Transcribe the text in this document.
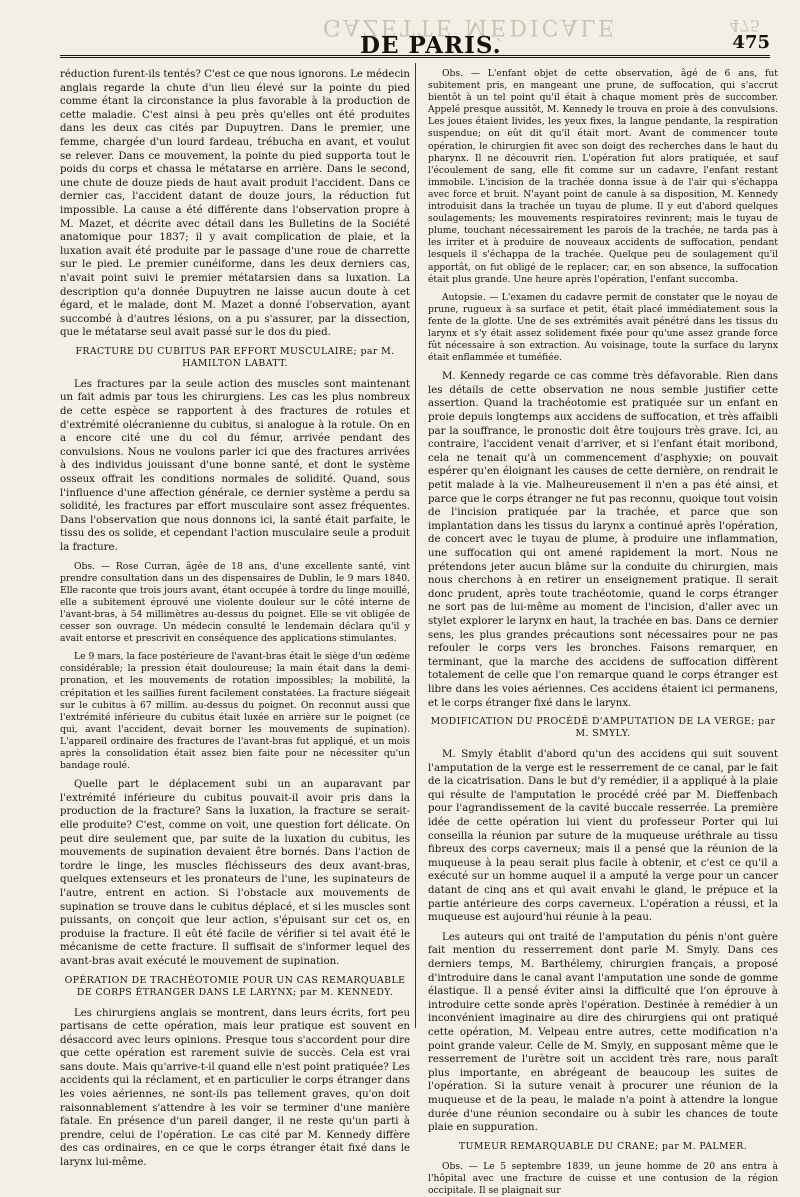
GAZETTE MÉDICALE	475
DE PARIS.	475

réduction furent-ils tentés? C'est ce que nous ignorons. Le médecin anglais regarde la chute d'un lieu élevé sur la pointe du pied comme étant la circonstance la plus favorable à la production de cette maladie. C'est ainsi à peu près qu'elles ont été produites dans les deux cas cités par Dupuytren. Dans le premier, une femme, chargée d'un lourd fardeau, trébucha en avant, et voulut se relever. Dans ce mouvement, la pointe du pied supporta tout le poids du corps et chassa le métatarse en arrière. Dans le second, une chute de douze pieds de haut avait produit l'accident. Dans ce dernier cas, l'accident datant de douze jours, la réduction fut impossible. La cause a été différente dans l'observation propre à M. Mazet, et décrite avec détail dans les Bulletins de la Société anatomique pour 1837; il y avait complication de plaie, et la luxation avait été produite par le passage d'une roue de charrette sur le pied. Le premier cunéiforme, dans les deux derniers cas, n'avait point suivi le premier métatarsien dans sa luxation. La description qu'a donnée Dupuytren ne laisse aucun doute à cet égard, et le malade, dont M. Mazet a donné l'observation, ayant succombé à d'autres lésions, on a pu s'assurer, par la dissection, que le métatarse seul avait passé sur le dos du pied.

FRACTURE DU CUBITUS PAR EFFORT MUSCULAIRE; par M. HAMILTON LABATT.

Les fractures par la seule action des muscles sont maintenant un fait admis par tous les chirurgiens. Les cas les plus nombreux de cette espèce se rapportent à des fractures de rotules et d'extrémité olécranienne du cubitus, si analogue à la rotule. On en a encore cité une du col du fémur, arrivée pendant des convulsions. Nous ne voulons parler ici que des fractures arrivées à des individus jouissant d'une bonne santé, et dont le système osseux offrait les conditions normales de solidité. Quand, sous l'influence d'une affection générale, ce dernier système a perdu sa solidité, les fractures par effort musculaire sont assez fréquentes. Dans l'observation que nous donnons ici, la santé était parfaite, le tissu des os solide, et cependant l'action musculaire seule a produit la fracture.

Obs. — Rose Curran, âgée de 18 ans, d'une excellente santé, vint prendre consultation dans un des dispensaires de Dublin, le 9 mars 1840. Elle raconte que trois jours avant, étant occupée à tordre du linge mouillé, elle a subitement éprouvé une violente douleur sur le côté interne de l'avant-bras, à 54 millimètres au-dessus du poignet. Elle se vit obligée de cesser son ouvrage. Un médecin consulté le lendemain déclara qu'il y avait entorse et prescrivit en conséquence des applications stimulantes.

Le 9 mars, la face postérieure de l'avant-bras était le siège d'un œdème considérable; la pression était douloureuse; la main était dans la demi-pronation, et les mouvements de rotation impossibles; la mobilité, la crépitation et les saillies furent facilement constatées. La fracture siégeait sur le cubitus à 67 millim. au-dessus du poignet. On reconnut aussi que l'extrémité inférieure du cubitus était luxée en arrière sur le poignet (ce qui, avant l'accident, devait borner les mouvements de supination). L'appareil ordinaire des fractures de l'avant-bras fut appliqué, et un mois après la consolidation était assez bien faite pour ne nécessiter qu'un bandage roulé.

Quelle part le déplacement subi un an auparavant par l'extrémité inférieure du cubitus pouvait-il avoir pris dans la production de la fracture? Sans la luxation, la fracture se serait-elle produite? C'est, comme on voit, une question fort délicate. On peut dire seulement que, par suite de la luxation du cubitus, les mouvements de supination devaient être bornés. Dans l'action de tordre le linge, les muscles fléchisseurs des deux avant-bras, quelques extenseurs et les pronateurs de l'une, les supinateurs de l'autre, entrent en action. Si l'obstacle aux mouvements de supination se trouve dans le cubitus déplacé, et si les muscles sont puissants, on conçoit que leur action, s'épuisant sur cet os, en produise la fracture. Il eût été facile de vérifier si tel avait été le mécanisme de cette fracture. Il suffisait de s'informer lequel des avant-bras avait exécuté le mouvement de supination.

OPÉRATION DE TRACHÉOTOMIE POUR UN CAS REMARQUABLE DE CORPS ÉTRANGER DANS LE LARYNX; par M. KENNEDY.

Les chirurgiens anglais se montrent, dans leurs écrits, fort peu partisans de cette opération, mais leur pratique est souvent en désaccord avec leurs opinions. Presque tous s'accordent pour dire que cette opération est rarement suivie de succès. Cela est vrai sans doute. Mais qu'arrive-t-il quand elle n'est point pratiquée? Les accidents qui la réclament, et en particulier le corps étranger dans les voies aériennes, ne sont-ils pas tellement graves, qu'on doit raisonnablement s'attendre à les voir se terminer d'une manière fatale. En présence d'un pareil danger, il ne reste qu'un parti à prendre, celui de l'opération. Le cas cité par M. Kennedy diffère des cas ordinaires, en ce que le corps étranger était fixé dans le larynx lui-même.

Obs. — L'enfant objet de cette observation, âgé de 6 ans, fut subitement pris, en mangeant une prune, de suffocation, qui s'accrut bientôt à un tel point qu'il était à chaque moment près de succomber. Appelé presque aussitôt, M. Kennedy le trouva en proie à des convulsions. Les joues étaient livides, les yeux fixes, la langue pendante, la respiration suspendue; on eût dit qu'il était mort. Avant de commencer toute opération, le chirurgien fit avec son doigt des recherches dans le haut du pharynx. Il ne découvrit rien. L'opération fut alors pratiquée, et sauf l'écoulement de sang, elle fit comme sur un cadavre, l'enfant restant immobile. L'incision de la trachée donna issue à de l'air qui s'échappa avec force et bruit. N'ayant point de canule à sa disposition, M. Kennedy introduisit dans la trachée un tuyau de plume. Il y eut d'abord quelques soulagements; les mouvements respiratoires revinrent; mais le tuyau de plume, touchant nécessairement les parois de la trachée, ne tarda pas à les irriter et à produire de nouveaux accidents de suffocation, pendant lesquels il s'échappa de la trachée. Quelque peu de soulagement qu'il apportât, on fut obligé de le replacer; car, en son absence, la suffocation était plus grande. Une heure après l'opération, l'enfant succomba.

Autopsie. — L'examen du cadavre permit de constater que le noyau de prune, rugueux à sa surface et petit, était placé immédiatement sous la fente de la glotte. Une de ses extrémités avait pénétré dans les tissus du larynx et s'y était assez solidement fixée pour qu'une assez grande force fût nécessaire à son extraction. Au voisinage, toute la surface du larynx était enflammée et tuméfiée.

M. Kennedy regarde ce cas comme très défavorable. Rien dans les détails de cette observation ne nous semble justifier cette assertion. Quand la trachéotomie est pratiquée sur un enfant en proie depuis longtemps aux accidens de suffocation, et très affaibli par la souffrance, le pronostic doit être toujours très grave. Ici, au contraire, l'accident venait d'arriver, et si l'enfant était moribond, cela ne tenait qu'à un commencement d'asphyxie; on pouvait espérer qu'en éloignant les causes de cette dernière, on rendrait le petit malade à la vie. Malheureusement il n'en a pas été ainsi, et parce que le corps étranger ne fut pas reconnu, quoique tout voisin de l'incision pratiquée par la trachée, et parce que son implantation dans les tissus du larynx a continué après l'opération, de concert avec le tuyau de plume, à produire une inflammation, une suffocation qui ont amené rapidement la mort. Nous ne prétendons jeter aucun blâme sur la conduite du chirurgien, mais nous cherchons à en retirer un enseignement pratique. Il serait donc prudent, après toute trachéotomie, quand le corps étranger ne sort pas de lui-même au moment de l'incision, d'aller avec un stylet explorer le larynx en haut, la trachée en bas. Dans ce dernier sens, les plus grandes précautions sont nécessaires pour ne pas refouler le corps vers les bronches. Faisons remarquer, en terminant, que la marche des accidens de suffocation diffèrent totalement de celle que l'on remarque quand le corps étranger est libre dans les voies aériennes. Ces accidens étaient ici permanens, et le corps étranger fixé dans le larynx.

MODIFICATION DU PROCÉDÉ D'AMPUTATION DE LA VERGE; par M. SMYLY.

M. Smyly établit d'abord qu'un des accidens qui suit souvent l'amputation de la verge est le resserrement de ce canal, par le fait de la cicatrisation. Dans le but d'y remédier, il a appliqué à la plaie qui résulte de l'amputation le procédé créé par M. Dieffenbach pour l'agrandissement de la cavité buccale resserrée. La première idée de cette opération lui vient du professeur Porter qui lui conseilla la réunion par suture de la muqueuse uréthrale au tissu fibreux des corps caverneux; mais il a pensé que la réunion de la muqueuse à la peau serait plus facile à obtenir, et c'est ce qu'il a exécuté sur un homme auquel il a amputé la verge pour un cancer datant de cinq ans et qui avait envahi le gland, le prépuce et la partie antérieure des corps caverneux. L'opération a réussi, et la muqueuse est aujourd'hui réunie à la peau.

Les auteurs qui ont traité de l'amputation du pénis n'ont guère fait mention du resserrement dont parle M. Smyly. Dans ces derniers temps, M. Barthélemy, chirurgien français, a proposé d'introduire dans le canal avant l'amputation une sonde de gomme élastique. Il a pensé éviter ainsi la difficulté que l'on éprouve à introduire cette sonde après l'opération. Destinée à remédier à un inconvénient imaginaire au dire des chirurgiens qui ont pratiqué cette opération, M. Velpeau entre autres, cette modification n'a point grande valeur. Celle de M. Smyly, en supposant même que le resserrement de l'urètre soit un accident très rare, nous paraît plus importante, en abrégeant de beaucoup les suites de l'opération. Si la suture venait à procurer une réunion de la muqueuse et de la peau, le malade n'a point à attendre la longue durée d'une réunion secondaire ou à subir les chances de toute plaie en suppuration.

TUMEUR REMARQUABLE DU CRANE; par M. PALMER.

Obs. — Le 5 septembre 1839, un jeune homme de 20 ans entra à l'hôpital avec une fracture de cuisse et une contusion de la région occipitale. Il se plaignait sur
